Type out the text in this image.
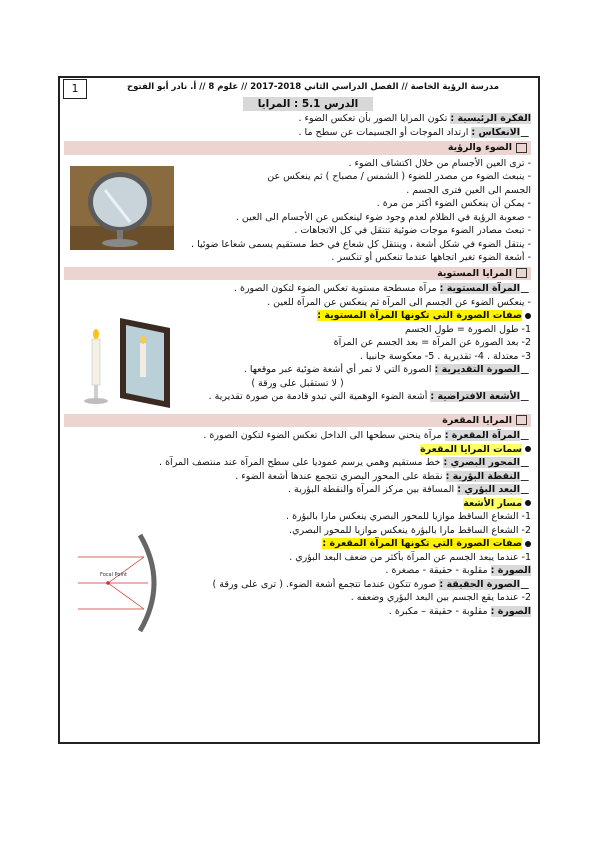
1	مدرسة الرؤية الخاصة // الفصل الدراسي الثاني 2018-2017 // علوم 8 // أ. نادر أبو الفتوح
الدرس 5.1 : المرايا
Focal Point
الفكرة الرئيسية : تكون المرايا الصور بأن تعكس الضوء .
الانعكاس : ارتداد الموجات أو الجسيمات عن سطح ما .
الضوء والرؤية
- ترى العين الأجسام من خلال اكتشاف الضوء .
- ينبعث الضوء من مصدر للضوء ( الشمس / مصباح ) ثم ينعكس عن
الجسم الى العين فترى الجسم .
- يمكن أن ينعكس الضوء أكثر من مرة .
- صعوبة الرؤية في الظلام لعدم وجود ضوء لينعكس عن الأجسام الى العين .
- تبعث مصادر الضوء موجات ضوئية تنتقل في كل الاتجاهات .
- ينتقل الضوء في شكل أشعة ، وينتقل كل شعاع في خط مستقيم يسمى شعاعا ضوئيا .
- أشعة الضوء تغير اتجاهها عندما تنعكس أو تنكسر .
المرايا المستوية
المرآة المستوية : مرآة مسطحة مستوية تعكس الضوء لتكون الصورة .
- ينعكس الضوء عن الجسم الى المرآة ثم ينعكس عن المرآة للعين .
صفات الصورة التي تكونها المرآة المستوية :
1- طول الصورة = طول الجسم
2- بعد الصورة عن المرآة = بعد الجسم عن المرآة
3- معتدلة . 4- تقديرية . 5- معكوسة جانبيا .
الصورة التقديرية : الصورة التي لا تمر أي أشعة ضوئية عبر موقعها .
( لا تستقبل على ورقة )
الأشعة الافتراضية : أشعة الضوء الوهمية التي تبدو قادمة من صورة تقديرية .
المرايا المقعرة
المرآة المقعرة : مرآة ينحني سطحها الى الداخل تعكس الضوء لتكون الصورة .
سمات المرايا المقعرة
المحور البصري : خط مستقيم وهمي يرسم عموديا على سطح المرآة عند منتصف المرآة .
النقطة البؤرية : نقطة على المحور البصري تتجمع عندها أشعة الضوء .
البعد البؤري : المسافة بين مركز المرآة والنقطة البؤرية .
مسار الأشعة
1- الشعاع الساقط موازيا للمحور البصري ينعكس مارا بالبؤرة .
2- الشعاع الساقط مارا بالبؤرة ينعكس موازيا للمحور البصري.
صفات الصورة التي تكونها المرآة المقعرة :
1- عندما يبعد الجسم عن المرآة بأكثر من ضعف البعد البؤري .
الصورة : مقلوبة - حقيقة - مصغرة .
الصورة الحقيقة : صورة تتكون عندما تتجمع أشعة الضوء. ( ترى على ورقة )
2- عندما يقع الجسم بين البعد البؤري وضعفه .
الصورة : مقلوبة - حقيقة – مكبرة .
